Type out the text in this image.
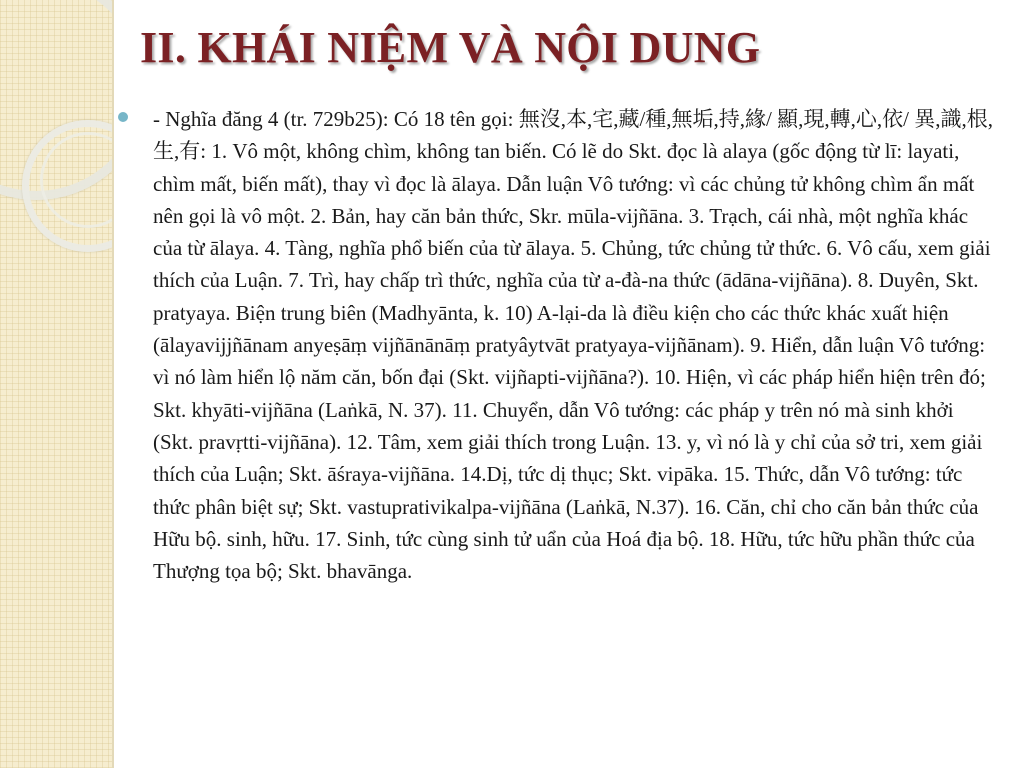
II. KHÁI NIỆM VÀ NỘI DUNG

- Nghĩa đăng 4 (tr. 729b25): Có 18 tên gọi: 無沒,本,宅,藏/種,無垢,持,緣/ 顯,現,轉,心,依/ 異,識,根,生,有: 1. Vô một, không chìm, không tan biến. Có lẽ do Skt. đọc là alaya (gốc động từ lī: layati, chìm mất, biến mất), thay vì đọc là ālaya. Dẫn luận Vô tướng: vì các chủng tử không chìm ẩn mất nên gọi là vô một. 2. Bản, hay căn bản thức, Skr. mūla-vijñāna. 3. Trạch, cái nhà, một nghĩa khác của từ ālaya. 4. Tàng, nghĩa phổ biến của từ ālaya. 5. Chủng, tức chủng tử thức. 6. Vô cấu, xem giải thích của Luận. 7. Trì, hay chấp trì thức, nghĩa của từ a-đà-na thức (ādāna-vijñāna). 8. Duyên, Skt. pratyaya. Biện trung biên (Madhyānta, k. 10) A-lại-da là điều kiện cho các thức khác xuất hiện (ālayavijjñānam anyeṣāṃ vijñānānāṃ pratyâytvāt pratyaya-vijñānam). 9. Hiển, dẫn luận Vô tướng: vì nó làm hiển lộ năm căn, bốn đại (Skt. vijñapti-vijñāna?). 10. Hiện, vì các pháp hiển hiện trên đó; Skt. khyāti-vijñāna (Laṅkā, N. 37). 11. Chuyển, dẫn Vô tướng: các pháp y trên nó mà sinh khởi (Skt. pravṛtti-vijñāna). 12. Tâm, xem giải thích trong Luận. 13. y, vì nó là y chỉ của sở tri, xem giải thích của Luận; Skt. āśraya-vijñāna. 14.Dị, tức dị thục; Skt. vipāka. 15. Thức, dẫn Vô tướng: tức thức phân biệt sự; Skt. vastuprativikalpa-vijñāna (Laṅkā, N.37). 16. Căn, chỉ cho căn bản thức của Hữu bộ. sinh, hữu. 17. Sinh, tức cùng sinh tử uẩn của Hoá địa bộ. 18. Hữu, tức hữu phần thức của Thượng tọa bộ; Skt. bhavānga.
